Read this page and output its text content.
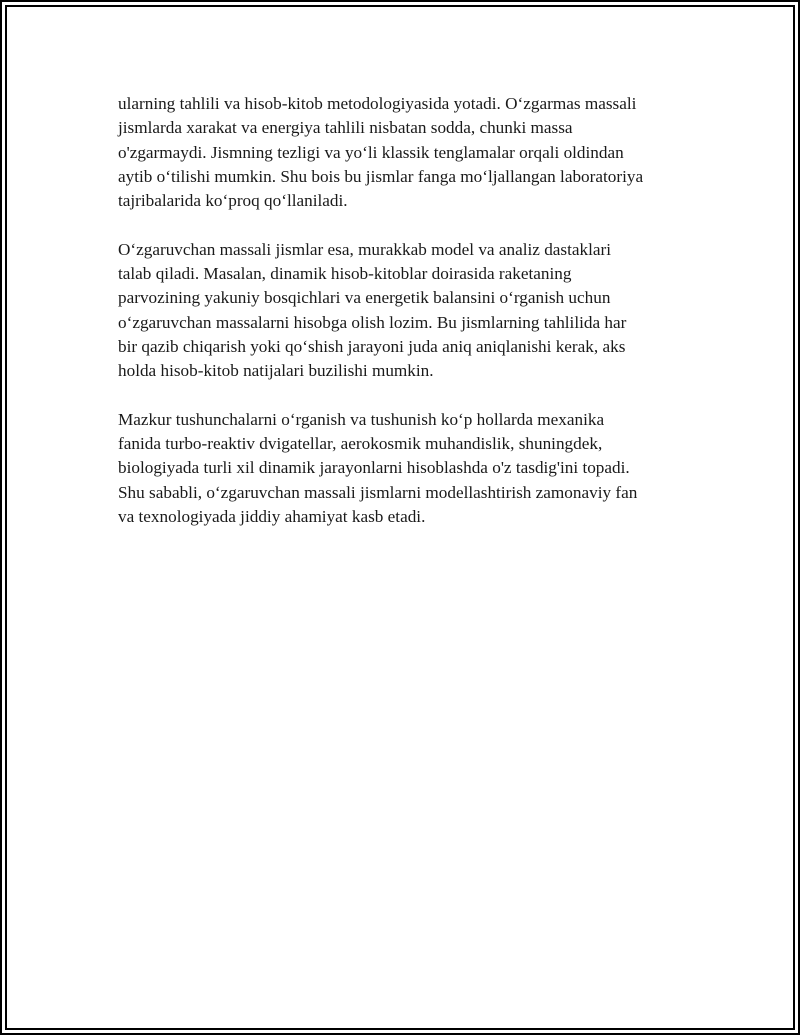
ularning tahlili va hisob-kitob metodologiyasida yotadi. O‘zgarmas massali
jismlarda xarakat va energiya tahlili nisbatan sodda, chunki massa
o'zgarmaydi. Jismning tezligi va yo‘li klassik tenglamalar orqali oldindan
aytib o‘tilishi mumkin. Shu bois bu jismlar fanga mo‘ljallangan laboratoriya
tajribalarida ko‘proq qo‘llaniladi.

O‘zgaruvchan massali jismlar esa, murakkab model va analiz dastaklari
talab qiladi. Masalan, dinamik hisob-kitoblar doirasida raketaning
parvozining yakuniy bosqichlari va energetik balansini o‘rganish uchun
o‘zgaruvchan massalarni hisobga olish lozim. Bu jismlarning tahlilida har
bir qazib chiqarish yoki qo‘shish jarayoni juda aniq aniqlanishi kerak, aks
holda hisob-kitob natijalari buzilishi mumkin.

Mazkur tushunchalarni o‘rganish va tushunish ko‘p hollarda mexanika
fanida turbo-reaktiv dvigatellar, aerokosmik muhandislik, shuningdek,
biologiyada turli xil dinamik jarayonlarni hisoblashda o'z tasdig'ini topadi.
Shu sababli, o‘zgaruvchan massali jismlarni modellashtirish zamonaviy fan
va texnologiyada jiddiy ahamiyat kasb etadi.
